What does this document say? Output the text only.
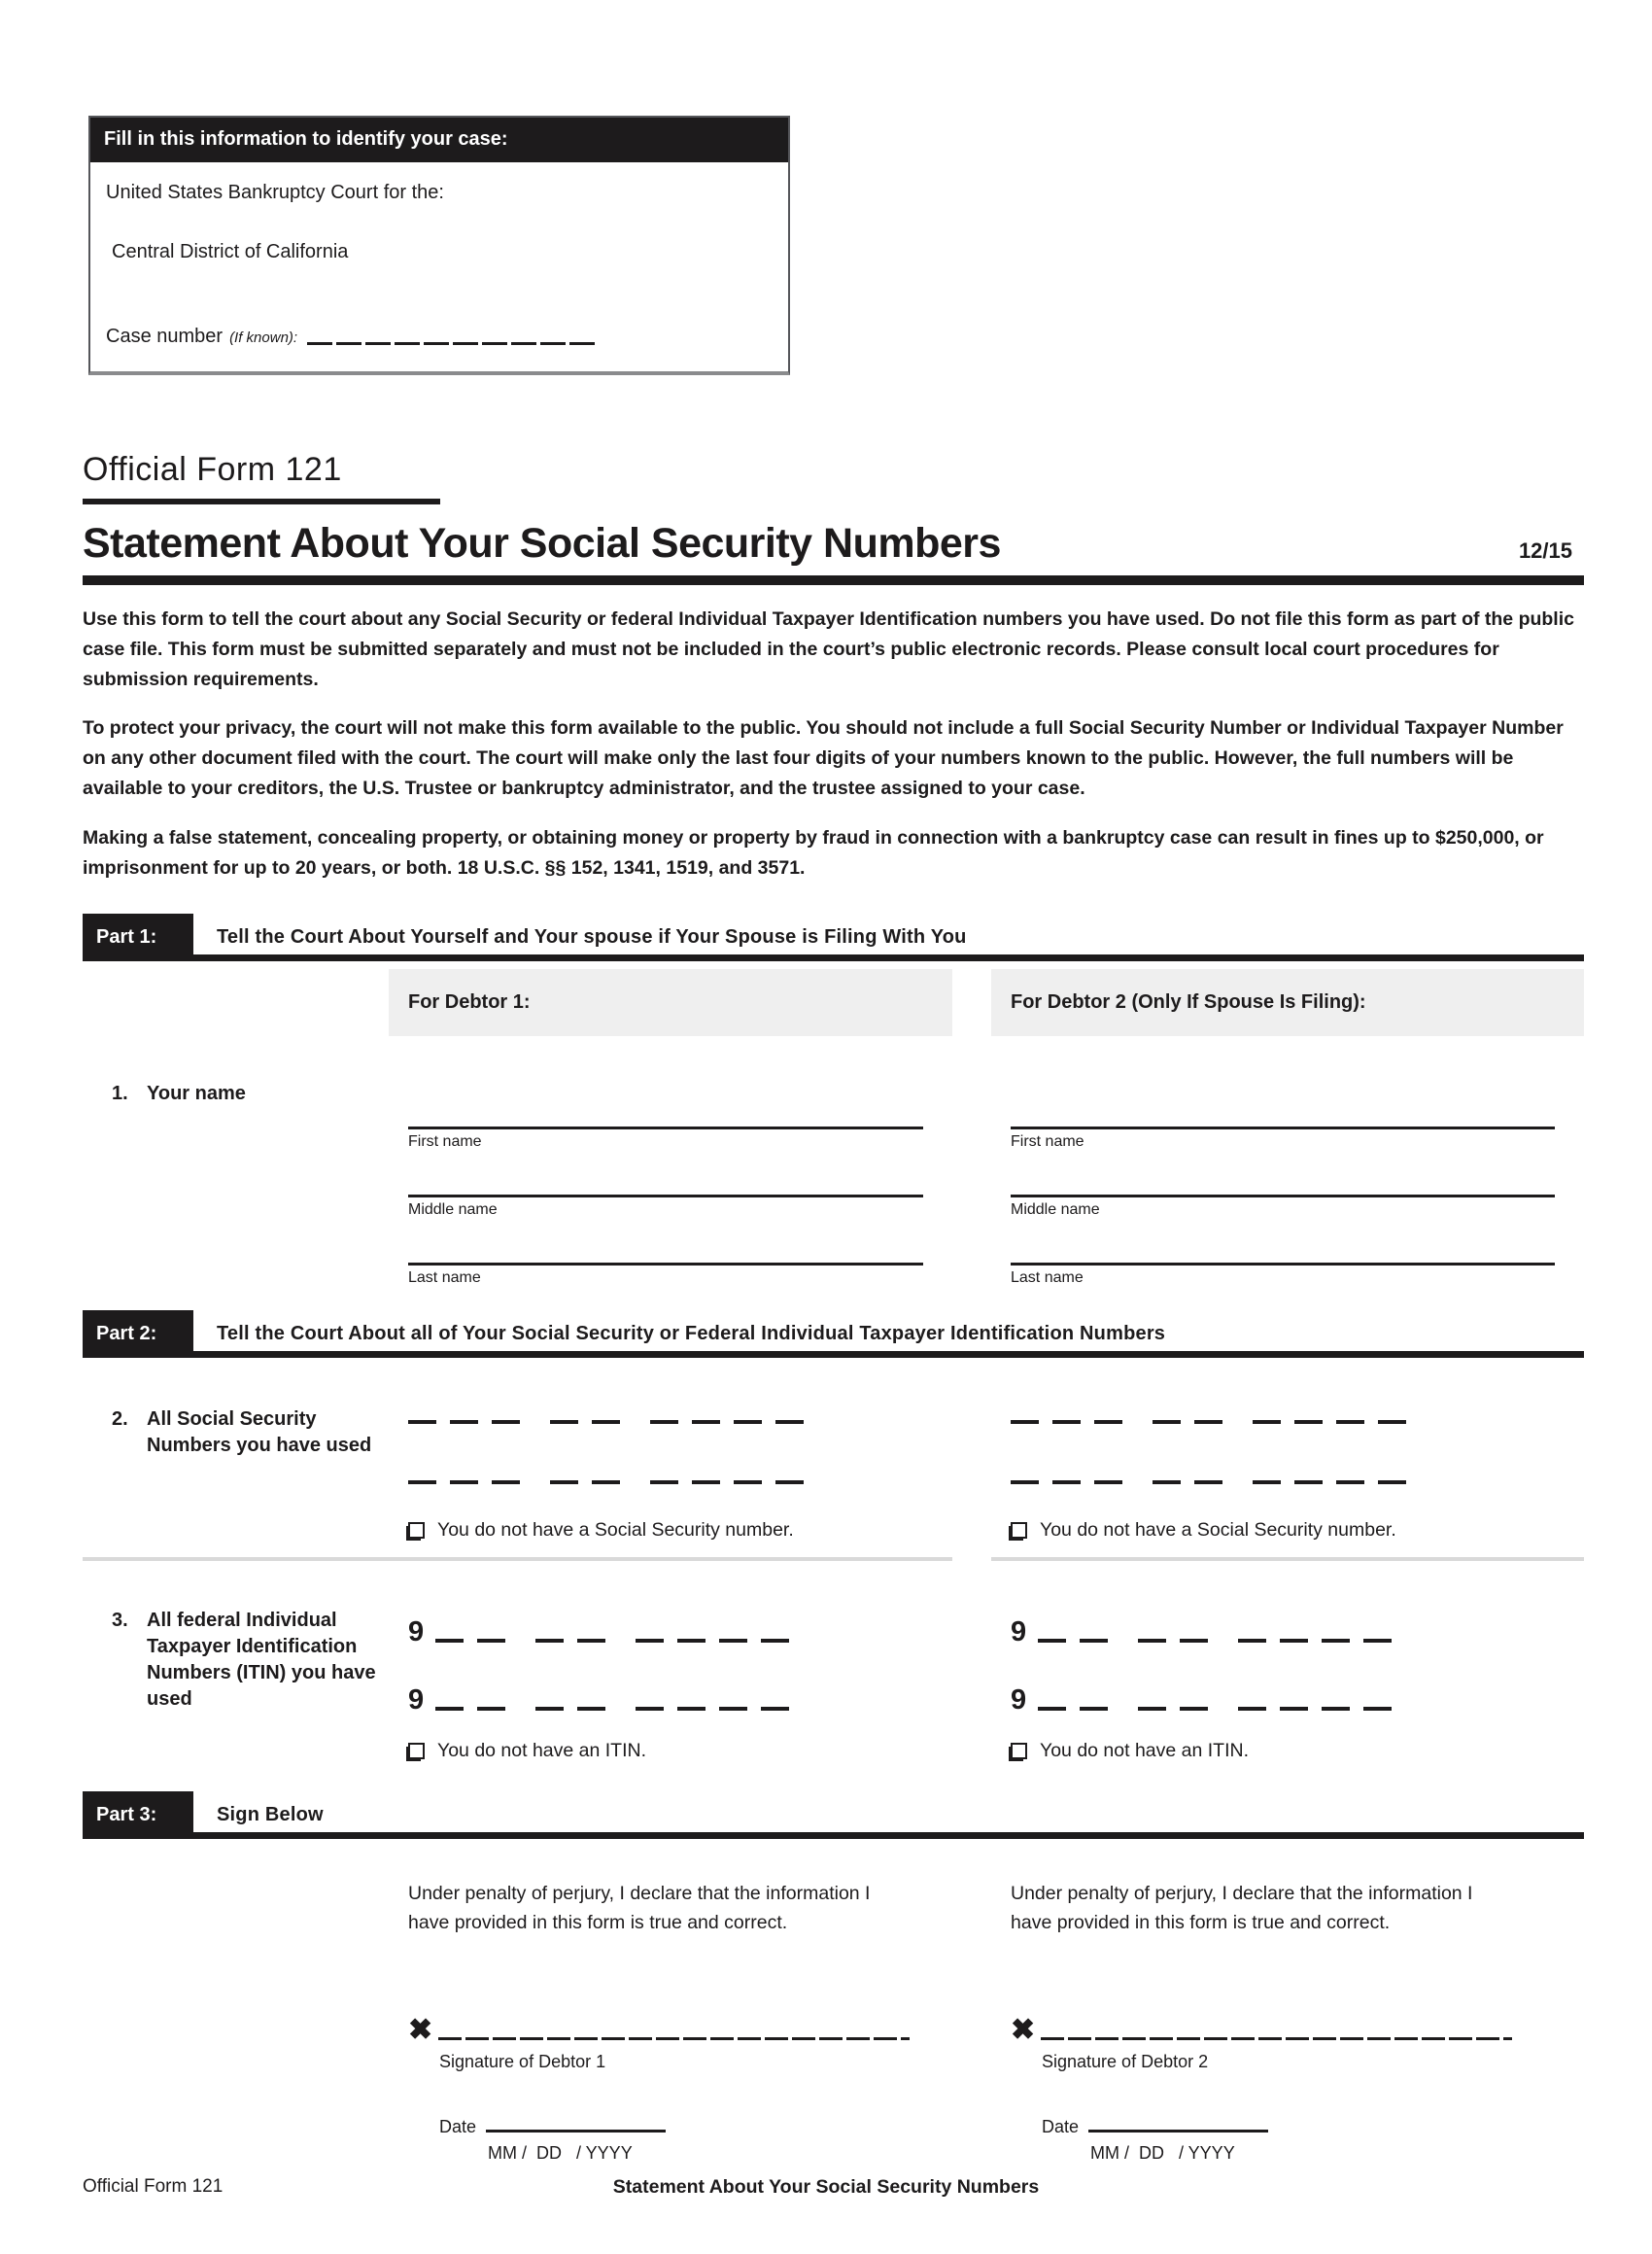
Fill in this information to identify your case:
United States Bankruptcy Court for the:
Central District of California
Case number (If known):
Official Form 121
Statement About Your Social Security Numbers	12/15

Use this form to tell the court about any Social Security or federal Individual Taxpayer Identification numbers you have used. Do not file this form as part of the public case file. This form must be submitted separately and must not be included in the court’s public electronic records. Please consult local court procedures for submission requirements.

To protect your privacy, the court will not make this form available to the public. You should not include a full Social Security Number or Individual Taxpayer Number on any other document filed with the court. The court will make only the last four digits of your numbers known to the public. However, the full numbers will be available to your creditors, the U.S. Trustee or bankruptcy administrator, and the trustee assigned to your case.

Making a false statement, concealing property, or obtaining money or property by fraud in connection with a bankruptcy case can result in fines up to $250,000, or imprisonment for up to 20 years, or both. 18 U.S.C. §§ 152, 1341, 1519, and 3571.

Part 1:	Tell the Court About Yourself and Your spouse if Your Spouse is Filing With You
For Debtor 1:	For Debtor 2 (Only If Spouse Is Filing):
1. Your name
First name
Middle name
Last name
First name
Middle name
Last name
Part 2:	Tell the Court About all of Your Social Security or Federal Individual Taxpayer Identification Numbers
2. All Social Security Numbers you have used
You do not have a Social Security number.	You do not have a Social Security number.
3. All federal Individual Taxpayer Identification Numbers (ITIN) you have used
9
9
You do not have an ITIN.
9
9
You do not have an ITIN.
Part 3:	Sign Below

Under penalty of perjury, I declare that the information I have provided in this form is true and correct.

✖
Signature of Debtor 1
Date
MM /  DD   / YYYY

Under penalty of perjury, I declare that the information I have provided in this form is true and correct.

✖
Signature of Debtor 2
Date
MM /  DD   / YYYY
Official Form 121	Statement About Your Social Security Numbers
